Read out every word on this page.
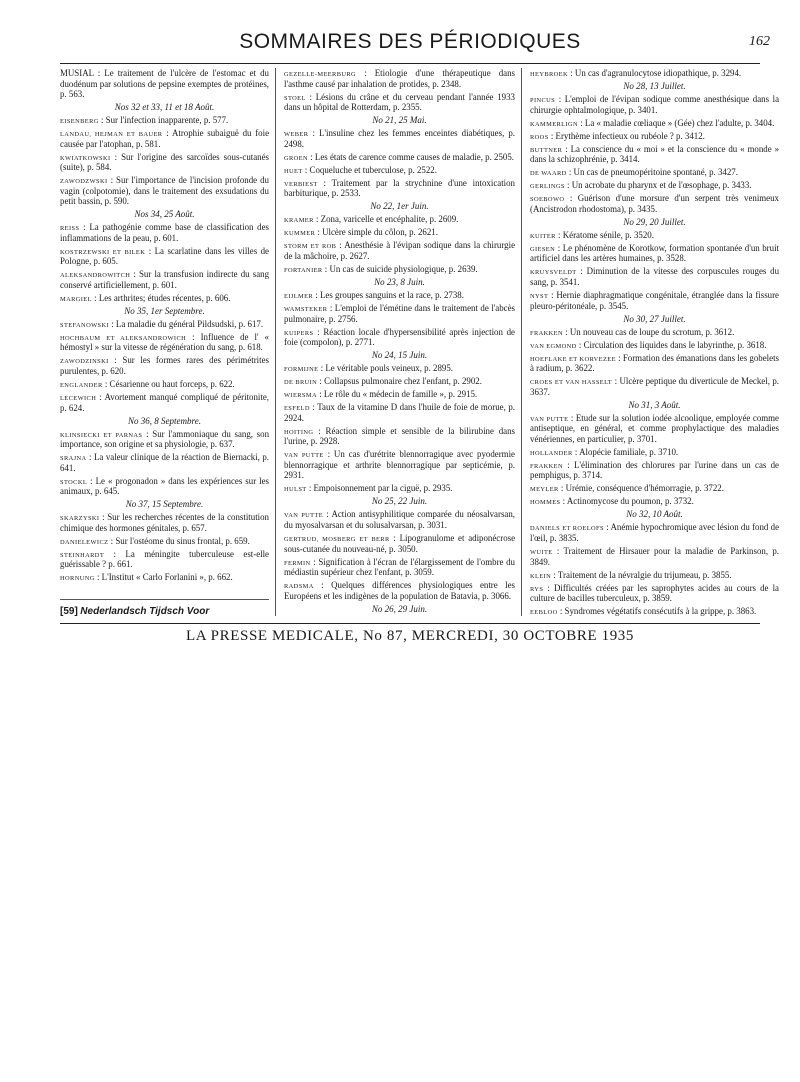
SOMMAIRES DES PÉRIODIQUES	162

MUSIAL : Le traitement de l'ulcère de l'estomac et du duodénum par solutions de pepsine exemptes de protéines, p. 563.

Nos 32 et 33, 11 et 18 Août.

EISENBERG : Sur l'infection inapparente, p. 577.

LANDAU, HEJMAN ET BAUER : Atrophie subaiguë du foie causée par l'atophan, p. 581.

KWIATKOWSKI : Sur l'origine des sarcoïdes sous-cutanés (suite), p. 584.

ZAWODZWSKI : Sur l'importance de l'incision profonde du vagin (colpotomie), dans le traitement des exsudations du petit bassin, p. 590.

Nos 34, 25 Août.

REISS : La pathogénie comme base de classification des inflammations de la peau, p. 601.

KOSTRZEWSKI ET BILEK : La scarlatine dans les villes de Pologne, p. 605.

ALEKSANDROWITCH : Sur la transfusion indirecte du sang conservé artificiellement, p. 601.

MARGIEL : Les arthrites; études récentes, p. 606.

No 35, 1er Septembre.

STEFANOWSKI : La maladie du général Pildsudski, p. 617.

HOCHBAUM ET ALEKSANDROWICH : Influence de l' « hémostyl » sur la vitesse de régénération du sang, p. 618.

ZAWODZINSKI : Sur les formes rares des périmétrites purulentes, p. 620.

ENGLANDER : Césarienne ou haut forceps, p. 622.

LECEWICH : Avortement manqué compliqué de péritonite, p. 624.

No 36, 8 Septembre.

KLINSIECKI ET PARNAS : Sur l'ammoniaque du sang, son importance, son origine et sa physiologie, p. 637.

SRAJNA : La valeur clinique de la réaction de Biernacki, p. 641.

STOCKL : Le « progonadon » dans les expériences sur les animaux, p. 645.

No 37, 15 Septembre.

SKARZYSKI : Sur les recherches récentes de la constitution chimique des hormones génitales, p. 657.

DANIELEWICZ : Sur l'ostéome du sinus frontal, p. 659.

STEINHARDT : La méningite tuberculeuse est-elle guérissable ? p. 661.

HORNUNG : L'Institut « Carlo Forlanini », p. 662.

[59] Nederlandsch Tijdsch Voor

GEZELLE-MEERBURG : Etiologie d'une thérapeutique dans l'asthme causé par inhalation de protides, p. 2348.

STOEL : Lésions du crâne et du cerveau pendant l'année 1933 dans un hôpital de Rotterdam, p. 2355.

No 21, 25 Mai.

WEBER : L'insuline chez les femmes enceintes diabétiques, p. 2498.

GROEN : Les états de carence comme causes de maladie, p. 2505.

HUET : Coqueluche et tuberculose, p. 2522.

VERBIEST : Traitement par la strychnine d'une intoxication barbiturique, p. 2533.

No 22, 1er Juin.

KRAMER : Zona, varicelle et encéphalite, p. 2609.

KUMMER : Ulcère simple du côlon, p. 2621.

STORM ET ROB : Anesthésie à l'évipan sodique dans la chirurgie de la mâchoire, p. 2627.

FORTANIER : Un cas de suicide physiologique, p. 2639.

No 23, 8 Juin.

EIJLMER : Les groupes sanguins et la race, p. 2738.

WAMSTEKER : L'emploi de l'émétine dans le traitement de l'abcès pulmonaire, p. 2756.

KUIPERS : Réaction locale d'hypersensibilité après injection de foie (compolon), p. 2771.

No 24, 15 Juin.

FORMIJNE : Le véritable pouls veineux, p. 2895.

DE BRUIN : Collapsus pulmonaire chez l'enfant, p. 2902.

WIERSMA : Le rôle du « médecin de famille », p. 2915.

ESFELD : Taux de la vitamine D dans l'huile de foie de morue, p. 2924.

HOITING : Réaction simple et sensible de la bilirubine dans l'urine, p. 2928.

VAN PUTTE : Un cas d'urétrite blennorragique avec pyodermie blennorragique et arthrite blennorragique par septicémie, p. 2931.

HULST : Empoisonnement par la ciguë, p. 2935.

No 25, 22 Juin.

VAN PUTTE : Action antisyphilitique comparée du néosalvarsan, du myosalvarsan et du solusalvarsan, p. 3031.

GERTRUD, MOSBERG ET BERR : Lipogranulome et adiponécrose sous-cutanée du nouveau-né, p. 3050.

FERMIN : Signification à l'écran de l'élargissement de l'ombre du médiastin supérieur chez l'enfant, p. 3059.

RADSMA : Quelques différences physiologiques entre les Européens et les indigènes de la population de Batavia, p. 3066.

No 26, 29 Juin.

HEYBROEK : Un cas d'agranulocytose idiopathique, p. 3294.

No 28, 13 Juillet.

PINCUS : L'emploi de l'évipan sodique comme anesthésique dans la chirurgie ophtalmologique, p. 3401.

KAMMERLIGN : La « maladie cœliaque » (Gée) chez l'adulte, p. 3404.

ROOS : Erythème infectieux ou rubéole ? p. 3412.

BUTTNER : La conscience du « moi » et la conscience du « monde » dans la schizophrénie, p. 3414.

DE WAARD : Un cas de pneumopéritoine spontané, p. 3427.

GERLINGS : Un acrobate du pharynx et de l'œsophage, p. 3433.

SOEBOWO : Guérison d'une morsure d'un serpent très venimeux (Ancistrodon rhodostoma), p. 3435.

No 29, 20 Juillet.

KUITER : Kératome sénile, p. 3520.

GIESEN : Le phénomène de Korotkow, formation spontanée d'un bruit artificiel dans les artères humaines, p. 3528.

KRUYSVELDT : Diminution de la vitesse des corpuscules rouges du sang, p. 3541.

NYST : Hernie diaphragmatique congénitale, étranglée dans la fissure pleuro-péritonéale, p. 3545.

No 30, 27 Juillet.

FRAKKEN : Un nouveau cas de loupe du scrotum, p. 3612.

VAN EGMOND : Circulation des liquides dans le labyrinthe, p. 3618.

HOEFLAKE ET KORVEZEE : Formation des émanations dans les gobelets à radium, p. 3622.

CROES ET VAN HASSELT : Ulcère peptique du diverticule de Meckel, p. 3637.

No 31, 3 Août.

VAN PUTTE : Etude sur la solution iodée alcoolique, employée comme antiseptique, en général, et comme prophylactique des maladies vénériennes, en particulier, p. 3701.

HOLLANDER : Alopécie familiale, p. 3710.

FRAKKEN : L'élimination des chlorures par l'urine dans un cas de pemphigus, p. 3714.

MEYLER : Urémie, conséquence d'hémorragie, p. 3722.

HOMMES : Actinomycose du poumon, p. 3732.

No 32, 10 Août.

DANIELS ET ROELOFS : Anémie hypochromique avec lésion du fond de l'œil, p. 3835.

WUITE : Traitement de Hirsauer pour la maladie de Parkinson, p. 3849.

KLEIN : Traitement de la névralgie du trijumeau, p. 3855.

RYS : Difficultés créées par les saprophytes acides au cours de la culture de bacilles tuberculeux, p. 3859.

EEBLOO : Syndromes végétatifs consécutifs à la grippe, p. 3863.

LA PRESSE MEDICALE, No 87, MERCREDI, 30 OCTOBRE 1935
